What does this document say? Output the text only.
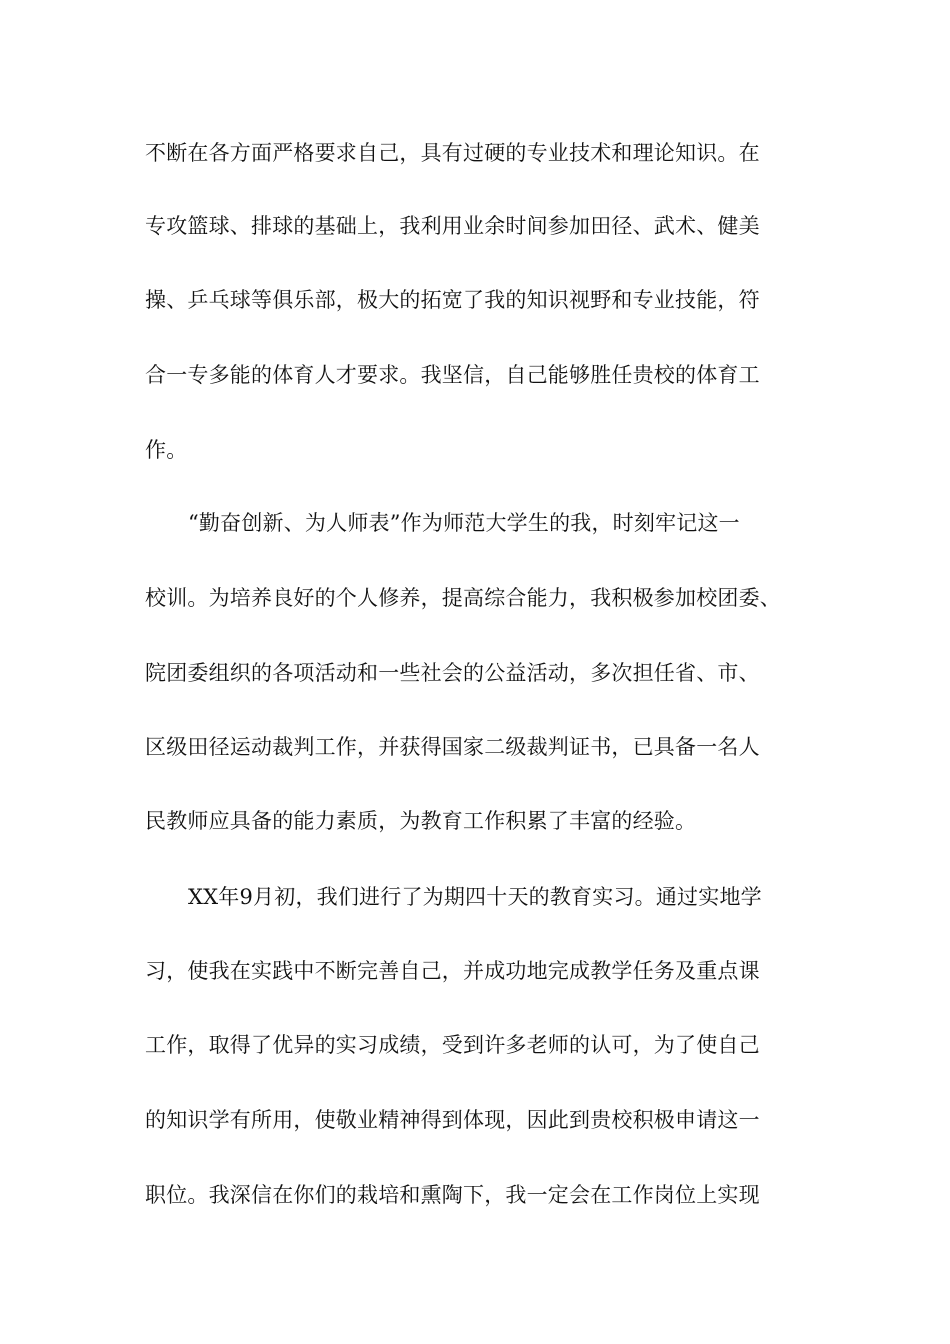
不断在各方面严格要求自己，具有过硬的专业技术和理论知识。在
专攻篮球、排球的基础上，我利用业余时间参加田径、武术、健美
操、乒乓球等俱乐部，极大的拓宽了我的知识视野和专业技能，符
合一专多能的体育人才要求。我坚信，自己能够胜任贵校的体育工
作。
“勤奋创新、为人师表”作为师范大学生的我，时刻牢记这一
校训。为培养良好的个人修养，提高综合能力，我积极参加校团委、
院团委组织的各项活动和一些社会的公益活动，多次担任省、市、
区级田径运动裁判工作，并获得国家二级裁判证书，已具备一名人
民教师应具备的能力素质，为教育工作积累了丰富的经验。
XX年9月初，我们进行了为期四十天的教育实习。通过实地学
习，使我在实践中不断完善自己，并成功地完成教学任务及重点课
工作，取得了优异的实习成绩，受到许多老师的认可，为了使自己
的知识学有所用，使敬业精神得到体现，因此到贵校积极申请这一
职位。我深信在你们的栽培和熏陶下，我一定会在工作岗位上实现
